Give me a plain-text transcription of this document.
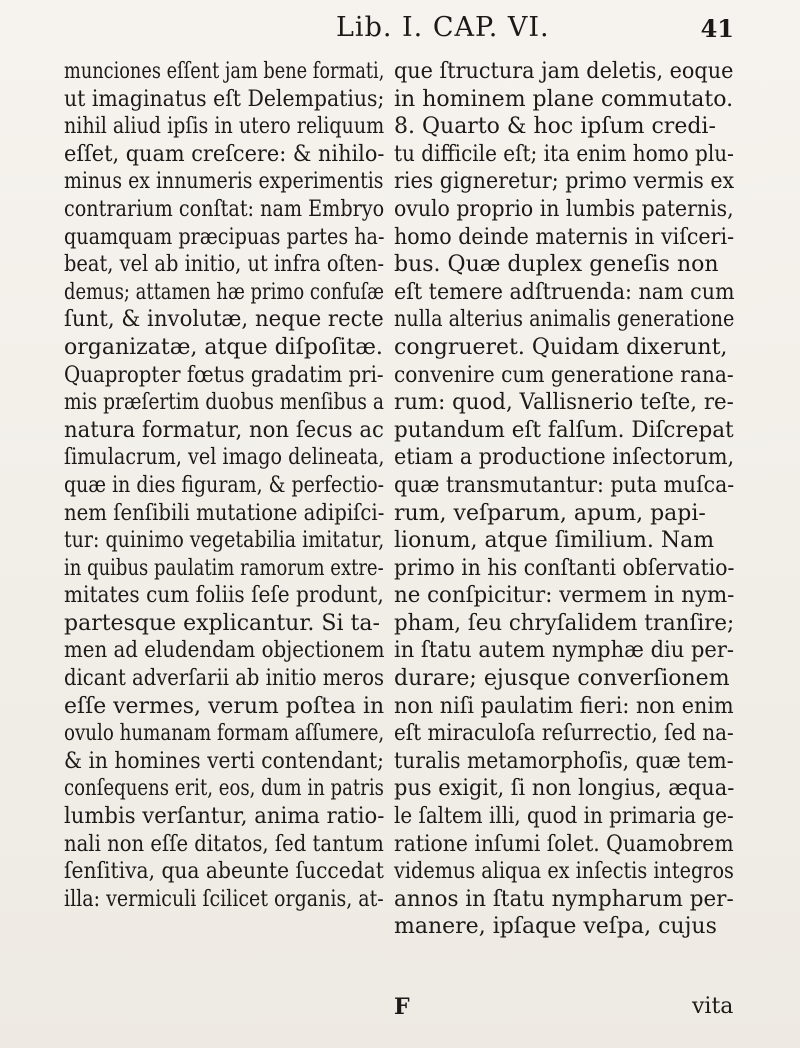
Lib. I. CAP. VI.	41
munciones eſſent jam bene formati,
ut imaginatus eſt Delempatius;
nihil aliud ipſis in utero reliquum
eſſet, quam creſcere: & nihilo-
minus ex innumeris experimentis
contrarium conſtat: nam Embryo
quamquam præcipuas partes ha-
beat, vel ab initio, ut infra oſten-
demus; attamen hæ primo confuſæ
ſunt, & involutæ, neque recte
organizatæ, atque diſpoſitæ.
Quapropter fœtus gradatim pri-
mis præſertim duobus menſibus a
natura formatur, non ſecus ac
ſimulacrum, vel imago delineata,
quæ in dies figuram, & perfectio-
nem ſenſibili mutatione adipiſci-
tur: quinimo vegetabilia imitatur,
in quibus paulatim ramorum extre-
mitates cum foliis ſeſe produnt,
partesque explicantur. Si ta-
men ad eludendam objectionem
dicant adverſarii ab initio meros
eſſe vermes, verum poſtea in
ovulo humanam formam aſſumere,
& in homines verti contendant;
conſequens erit, eos, dum in patris
lumbis verſantur, anima ratio-
nali non eſſe ditatos, ſed tantum
ſenſitiva, qua abeunte ſuccedat
illa: vermiculi ſcilicet organis, at-
que ſtructura jam deletis, eoque
in hominem plane commutato.
8. Quarto & hoc ipſum credi-
tu difficile eſt; ita enim homo plu-
ries gigneretur; primo vermis ex
ovulo proprio in lumbis paternis,
homo deinde maternis in viſceri-
bus. Quæ duplex geneſis non
eſt temere adſtruenda: nam cum
nulla alterius animalis generatione
congrueret. Quidam dixerunt,
convenire cum generatione rana-
rum: quod, Vallisnerio teſte, re-
putandum eſt falſum. Diſcrepat
etiam a productione inſectorum,
quæ transmutantur: puta muſca-
rum, veſparum, apum, papi-
lionum, atque ſimilium. Nam
primo in his conſtanti obſervatio-
ne conſpicitur: vermem in nym-
pham, ſeu chryſalidem tranſire;
in ſtatu autem nymphæ diu per-
durare; ejusque converſionem
non niſi paulatim fieri: non enim
eſt miraculoſa reſurrectio, ſed na-
turalis metamorphoſis, quæ tem-
pus exigit, ſi non longius, æqua-
le ſaltem illi, quod in primaria ge-
ratione inſumi ſolet. Quamobrem
videmus aliqua ex inſectis integros
annos in ſtatu nympharum per-
manere, ipſaque veſpa, cujus
F	vita
